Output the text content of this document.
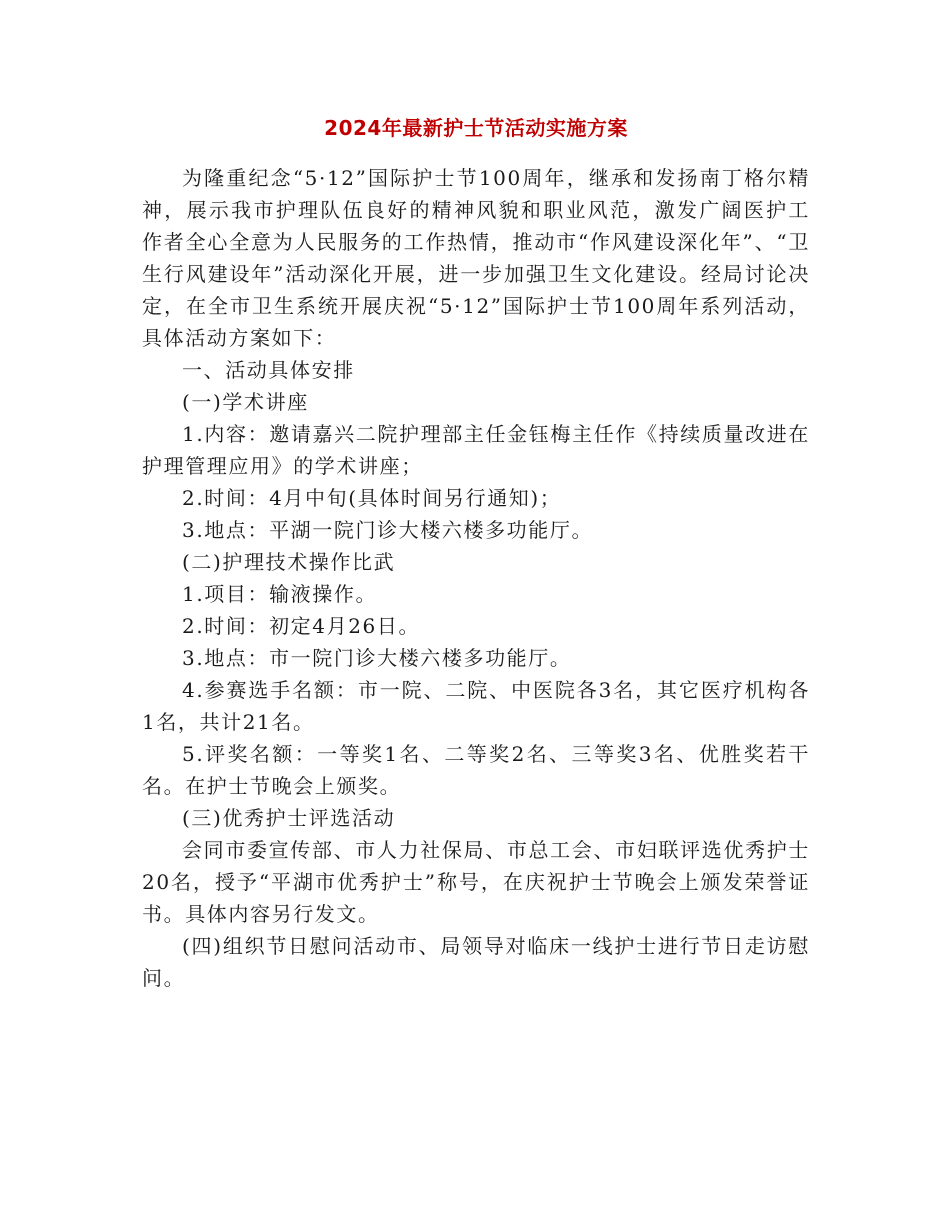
2024年最新护士节活动实施方案

为隆重纪念“5·12”国际护士节100周年，继承和发扬南丁格尔精神，展示我市护理队伍良好的精神风貌和职业风范，激发广阔医护工作者全心全意为人民服务的工作热情，推动市“作风建设深化年”、“卫生行风建设年”活动深化开展，进一步加强卫生文化建设。经局讨论决定，在全市卫生系统开展庆祝“5·12”国际护士节100周年系列活动，具体活动方案如下：

一、活动具体安排

(一)学术讲座

1.内容：邀请嘉兴二院护理部主任金钰梅主任作《持续质量改进在护理管理应用》的学术讲座；

2.时间：4月中旬(具体时间另行通知)；

3.地点：平湖一院门诊大楼六楼多功能厅。

(二)护理技术操作比武

1.项目：输液操作。

2.时间：初定4月26日。

3.地点：市一院门诊大楼六楼多功能厅。

4.参赛选手名额：市一院、二院、中医院各3名，其它医疗机构各1名，共计21名。

5.评奖名额：一等奖1名、二等奖2名、三等奖3名、优胜奖若干名。在护士节晚会上颁奖。

(三)优秀护士评选活动

会同市委宣传部、市人力社保局、市总工会、市妇联评选优秀护士20名，授予“平湖市优秀护士”称号，在庆祝护士节晚会上颁发荣誉证书。具体内容另行发文。

(四)组织节日慰问活动市、局领导对临床一线护士进行节日走访慰问。
